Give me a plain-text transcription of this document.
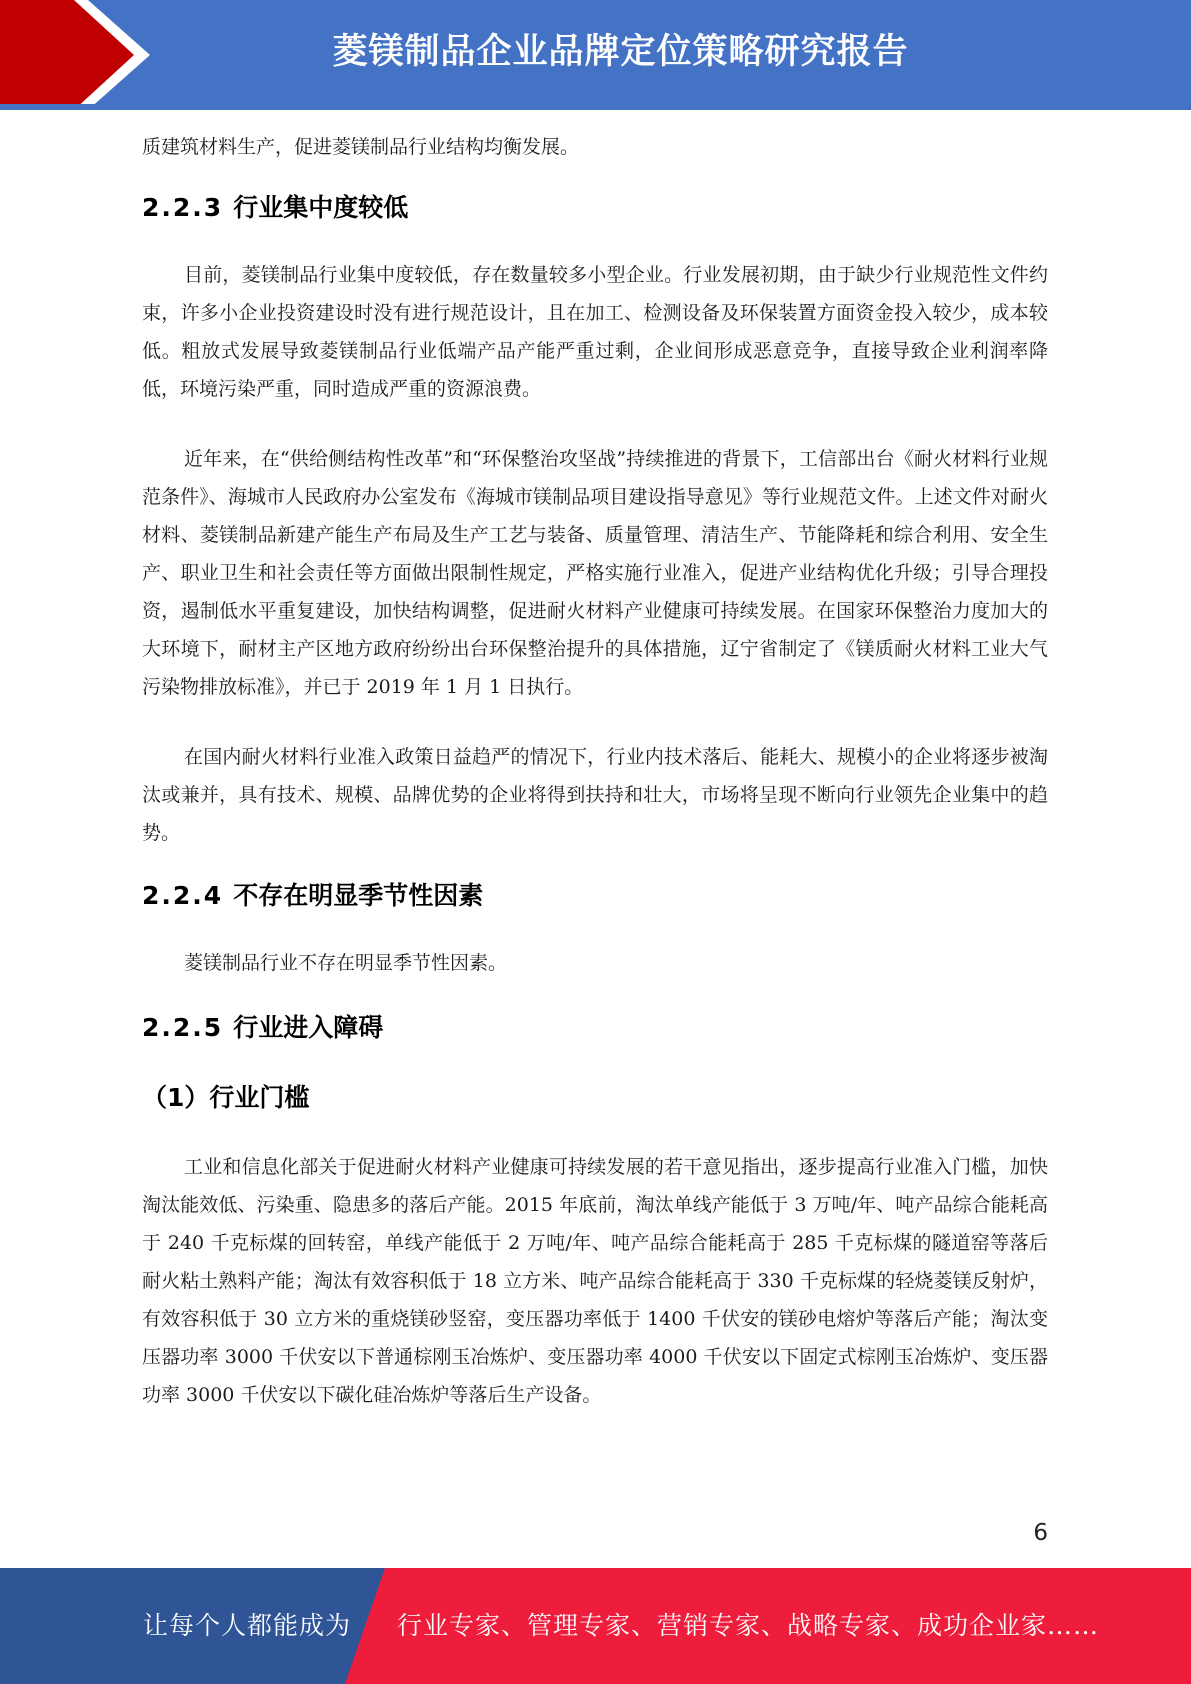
菱镁制品企业品牌定位策略研究报告

质建筑材料生产，促进菱镁制品行业结构均衡发展。

2.2.3 行业集中度较低

目前，菱镁制品行业集中度较低，存在数量较多小型企业。行业发展初期，由于缺少行业规范性文件约束，许多小企业投资建设时没有进行规范设计，且在加工、检测设备及环保装置方面资金投入较少，成本较低。粗放式发展导致菱镁制品行业低端产品产能严重过剩，企业间形成恶意竞争，直接导致企业利润率降低，环境污染严重，同时造成严重的资源浪费。

近年来，在“供给侧结构性改革”和“环保整治攻坚战”持续推进的背景下，工信部出台《耐火材料行业规范条件》、海城市人民政府办公室发布《海城市镁制品项目建设指导意见》等行业规范文件。上述文件对耐火材料、菱镁制品新建产能生产布局及生产工艺与装备、质量管理、清洁生产、节能降耗和综合利用、安全生产、职业卫生和社会责任等方面做出限制性规定，严格实施行业准入，促进产业结构优化升级；引导合理投资，遏制低水平重复建设，加快结构调整，促进耐火材料产业健康可持续发展。在国家环保整治力度加大的大环境下，耐材主产区地方政府纷纷出台环保整治提升的具体措施，辽宁省制定了《镁质耐火材料工业大气污染物排放标准》，并已于 2019 年 1 月 1 日执行。

在国内耐火材料行业准入政策日益趋严的情况下，行业内技术落后、能耗大、规模小的企业将逐步被淘汰或兼并，具有技术、规模、品牌优势的企业将得到扶持和壮大，市场将呈现不断向行业领先企业集中的趋势。

2.2.4 不存在明显季节性因素

菱镁制品行业不存在明显季节性因素。

2.2.5 行业进入障碍
（1）行业门槛

工业和信息化部关于促进耐火材料产业健康可持续发展的若干意见指出，逐步提高行业准入门槛，加快淘汰能效低、污染重、隐患多的落后产能。2015 年底前，淘汰单线产能低于 3 万吨/年、吨产品综合能耗高于 240 千克标煤的回转窑，单线产能低于 2 万吨/年、吨产品综合能耗高于 285 千克标煤的隧道窑等落后耐火粘土熟料产能；淘汰有效容积低于 18 立方米、吨产品综合能耗高于 330 千克标煤的轻烧菱镁反射炉，有效容积低于 30 立方米的重烧镁砂竖窑，变压器功率低于 1400 千伏安的镁砂电熔炉等落后产能；淘汰变压器功率 3000 千伏安以下普通棕刚玉冶炼炉、变压器功率 4000 千伏安以下固定式棕刚玉冶炼炉、变压器功率 3000 千伏安以下碳化硅冶炼炉等落后生产设备。

6
让每个人都能成为 行业专家、管理专家、营销专家、战略专家、成功企业家……
